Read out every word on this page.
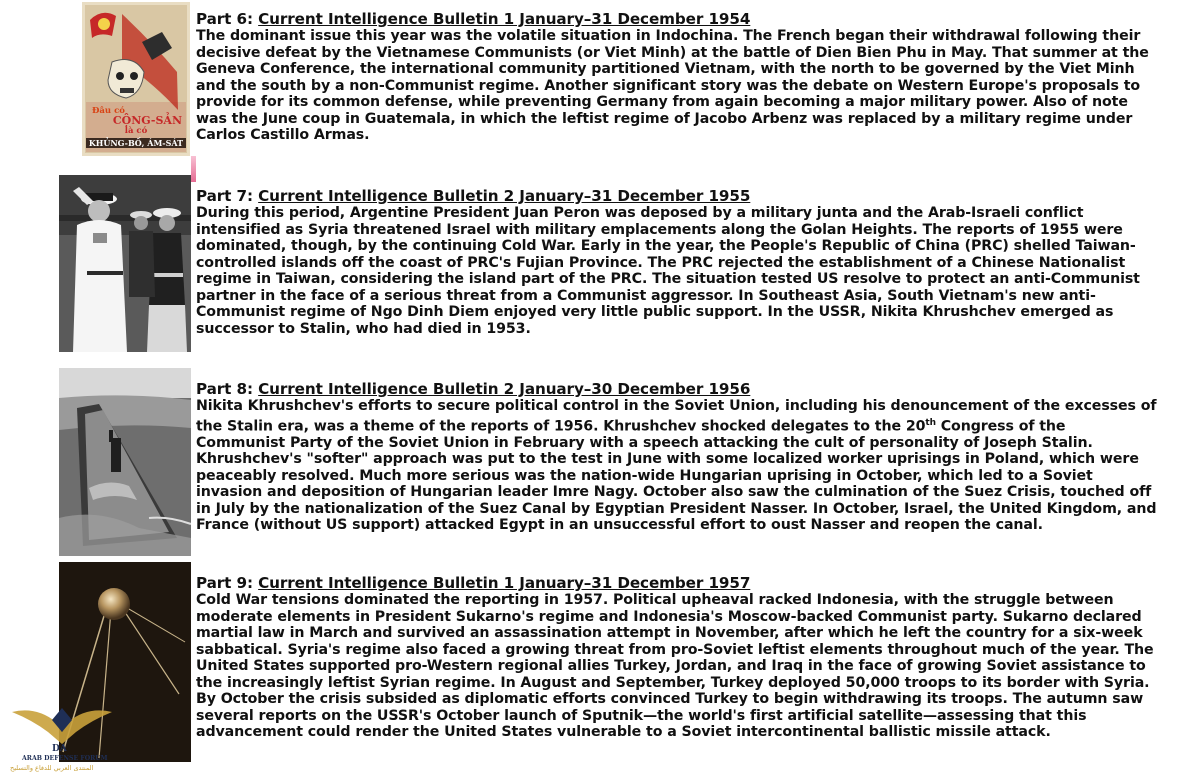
Đâu có
CỘNG-SẢN
là có
KHỦNG-BỐ, ÁM-SÁT
Part 6: Current Intelligence Bulletin 1 January–31 December 1954

The dominant issue this year was the volatile situation in Indochina. The French began their withdrawal following their decisive defeat by the Vietnamese Communists (or Viet Minh) at the battle of Dien Bien Phu in May. That summer at the Geneva Conference, the international community partitioned Vietnam, with the north to be governed by the Viet Minh and the south by a non-Communist regime. Another significant story was the debate on Western Europe's proposals to provide for its common defense, while preventing Germany from again becoming a major military power. Also of note was the June coup in Guatemala, in which the leftist regime of Jacobo Arbenz was replaced by a military regime under Carlos Castillo Armas.

Part 7: Current Intelligence Bulletin 2 January–31 December 1955

During this period, Argentine President Juan Peron was deposed by a military junta and the Arab-Israeli conflict intensified as Syria threatened Israel with military emplacements along the Golan Heights. The reports of 1955 were dominated, though, by the continuing Cold War. Early in the year, the People's Republic of China (PRC) shelled Taiwan-controlled islands off the coast of PRC's Fujian Province. The PRC rejected the establishment of a Chinese Nationalist regime in Taiwan, considering the island part of the PRC. The situation tested US resolve to protect an anti-Communist partner in the face of a serious threat from a Communist aggressor. In Southeast Asia, South Vietnam's new anti-Communist regime of Ngo Dinh Diem enjoyed very little public support. In the USSR, Nikita Khrushchev emerged as successor to Stalin, who had died in 1953.

Part 8: Current Intelligence Bulletin 2 January–30 December 1956

Nikita Khrushchev's efforts to secure political control in the Soviet Union, including his denouncement of the excesses of the Stalin era, was a theme of the reports of 1956. Khrushchev shocked delegates to the 20th Congress of the Communist Party of the Soviet Union in February with a speech attacking the cult of personality of Joseph Stalin. Khrushchev's "softer" approach was put to the test in June with some localized worker uprisings in Poland, which were peaceably resolved. Much more serious was the nation-wide Hungarian uprising in October, which led to a Soviet invasion and deposition of Hungarian leader Imre Nagy. October also saw the culmination of the Suez Crisis, touched off in July by the nationalization of the Suez Canal by Egyptian President Nasser. In October, Israel, the United Kingdom, and France (without US support) attacked Egypt in an unsuccessful effort to oust Nasser and reopen the canal.

Part 9: Current Intelligence Bulletin 1 January–31 December 1957

Cold War tensions dominated the reporting in 1957. Political upheaval racked Indonesia, with the struggle between moderate elements in President Sukarno's regime and Indonesia's Moscow-backed Communist party. Sukarno declared martial law in March and survived an assassination attempt in November, after which he left the country for a six-week sabbatical. Syria's regime also faced a growing threat from pro-Soviet leftist elements throughout much of the year. The United States supported pro-Western regional allies Turkey, Jordan, and Iraq in the face of growing Soviet assistance to the increasingly leftist Syrian regime. In August and September, Turkey deployed 50,000 troops to its border with Syria. By October the crisis subsided as diplomatic efforts convinced Turkey to begin withdrawing its troops. The autumn saw several reports on the USSR's October launch of Sputnik—the world's first artificial satellite—assessing that this advancement could render the United States vulnerable to a Soviet intercontinental ballistic missile attack.

DA
ARAB DEFENSE FORUM
المنتدى العربي للدفاع والتسليح
